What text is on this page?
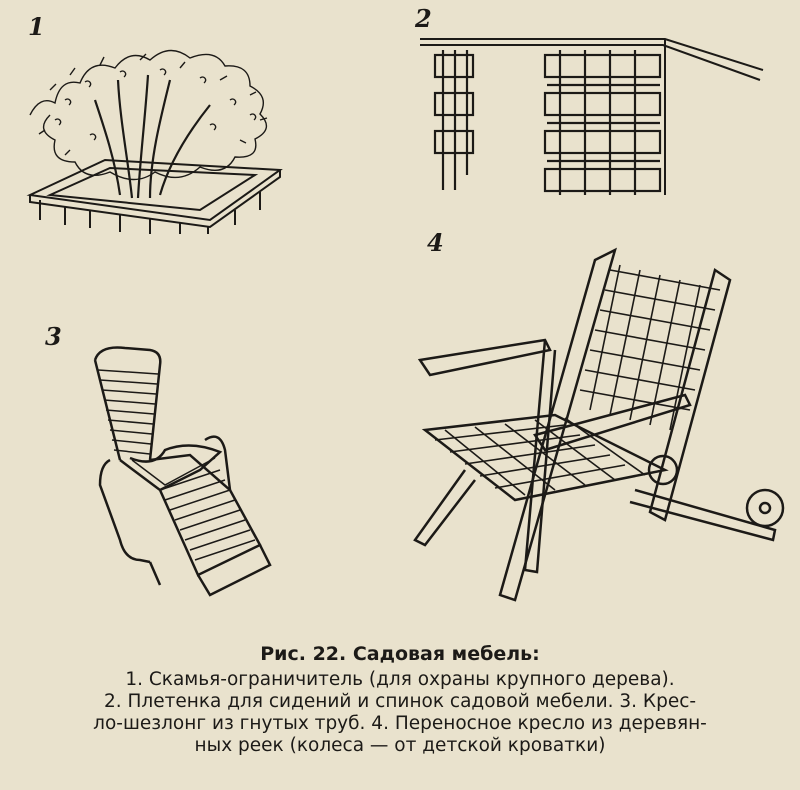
1	2
3
4
Рис. 22. Садовая мебель:
1. Скамья-ограничитель (для охраны крупного дерева).
2. Плетенка для сидений и спинок садовой мебели. 3. Крес-
ло-шезлонг из гнутых труб. 4. Переносное кресло из деревян-
ных реек (колеса — от детской кроватки)
